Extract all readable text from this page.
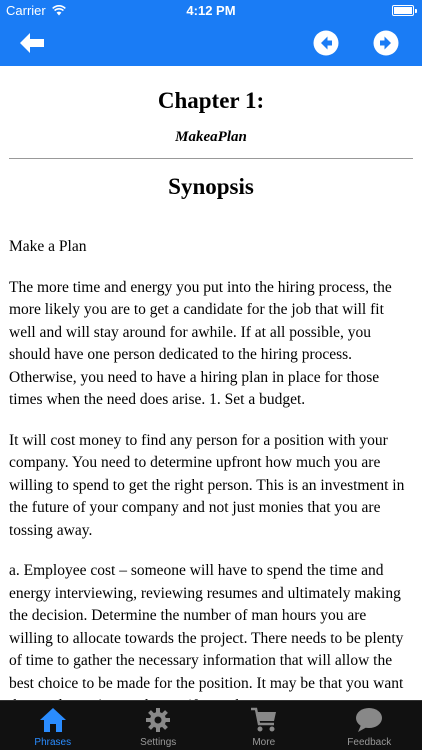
Carrier	4:12 PM
Chapter 1:
MakeaPlan
Synopsis

Make a Plan

The more time and energy you put into the hiring process, the more likely you are to get a candidate for the job that will fit well and will stay around for awhile. If at all possible, you should have one person dedicated to the hiring process. Otherwise, you need to have a hiring plan in place for those times when the need does arise. 1. Set a budget.

It will cost money to find any person for a position with your company. You need to determine upfront how much you are willing to spend to get the right person. This is an investment in the future of your company and not just monies that you are tossing away.

a. Employee cost – someone will have to spend the time and energy interviewing, reviewing resumes and ultimately making the decision. Determine the number of man hours you are willing to allocate towards the project. There needs to be plenty of time to gather the necessary information that will allow the best choice to be made for the position. It may be that you want

Phrases	Settings	More	Feedback
